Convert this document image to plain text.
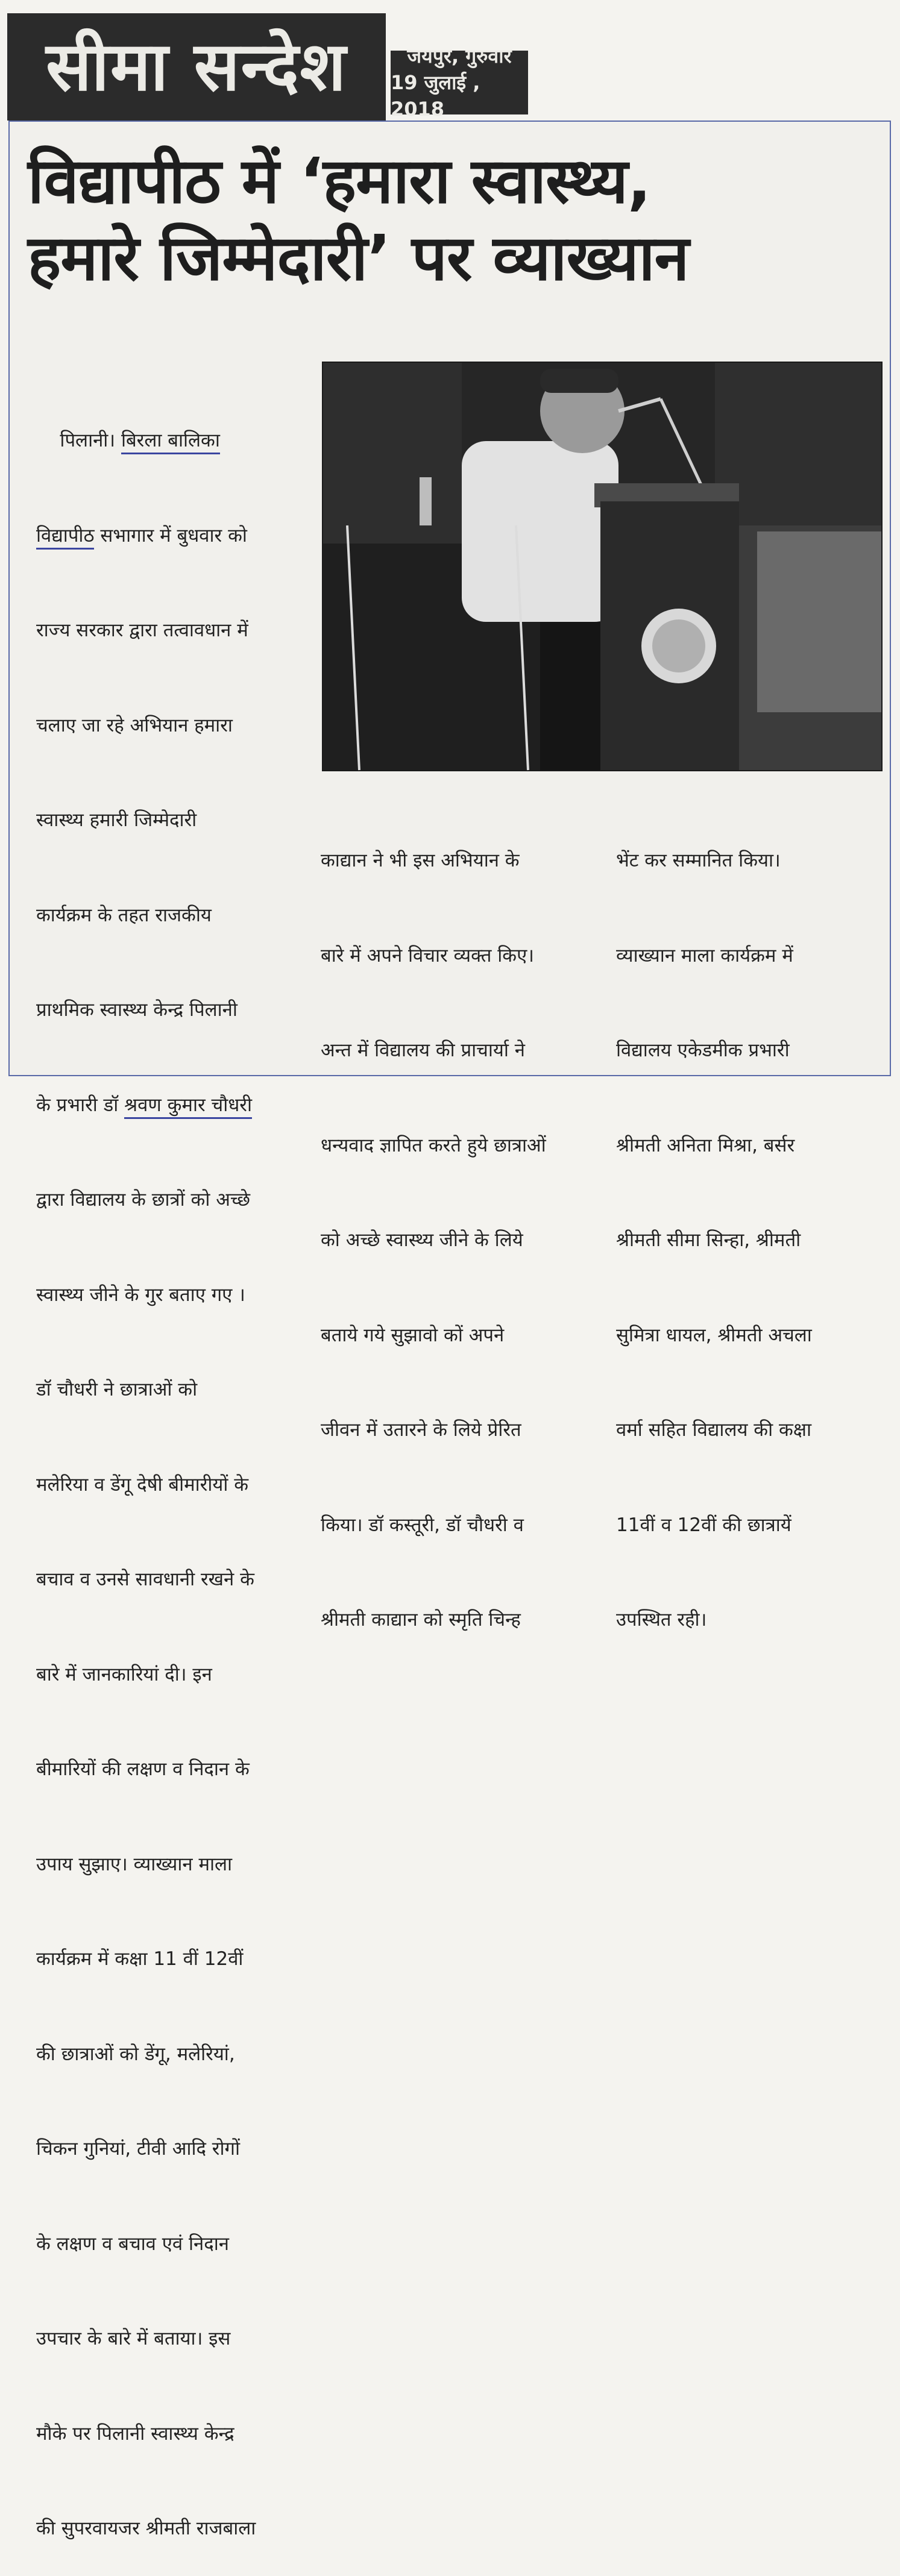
सीमा सन्देश	जयपुर, गुरुवार
19 जुलाई , 2018
विद्यापीठ में ‘हमारा स्वास्थ्य,
हमारे जिम्मेदारी’ पर व्याख्यान

पिलानी। बिरला बालिका

विद्यापीठ सभागार में बुधवार को

राज्य सरकार द्वारा तत्वावधान में

चलाए जा रहे अभियान हमारा

स्वास्थ्य हमारी जिम्मेदारी

कार्यक्रम के तहत राजकीय

प्राथमिक स्वास्थ्य केन्द्र पिलानी

के प्रभारी डॉ श्रवण कुमार चौधरी

द्वारा विद्यालय के छात्रों को अच्छे

स्वास्थ्य जीने के गुर बताए गए ।

डॉ चौधरी ने छात्राओं को

मलेरिया व डेंगू देषी बीमारीयों के

बचाव व उनसे सावधानी रखने के

बारे में जानकारियां दी। इन

बीमारियों की लक्षण व निदान के

उपाय सुझाए। व्याख्यान माला

कार्यक्रम में कक्षा 11 वीं 12वीं

की छात्राओं को डेंगू, मलेरियां,

चिकन गुनियां, टीवी आदि रोगों

के लक्षण व बचाव एवं निदान

उपचार के बारे में बताया। इस

मौके पर पिलानी स्वास्थ्य केन्द्र

की सुपरवायजर श्रीमती राजबाला

काद्यान ने भी इस अभियान के

बारे में अपने विचार व्यक्त किए।

अन्त में विद्यालय की प्राचार्या ने

धन्यवाद ज्ञापित करते हुये छात्राओं

को अच्छे स्वास्थ्य जीने के लिये

बताये गये सुझावो कों अपने

जीवन में उतारने के लिये प्रेरित

किया। डॉ कस्तूरी, डॉ चौधरी व

श्रीमती काद्यान को स्मृति चिन्ह

भेंट कर सम्मानित किया।

व्याख्यान माला कार्यक्रम में

विद्यालय एकेडमीक प्रभारी

श्रीमती अनिता मिश्रा, बर्सर

श्रीमती सीमा सिन्हा, श्रीमती

सुमित्रा धायल, श्रीमती अचला

वर्मा सहित विद्यालय की कक्षा

11वीं व 12वीं की छात्रायें

उपस्थित रही।
